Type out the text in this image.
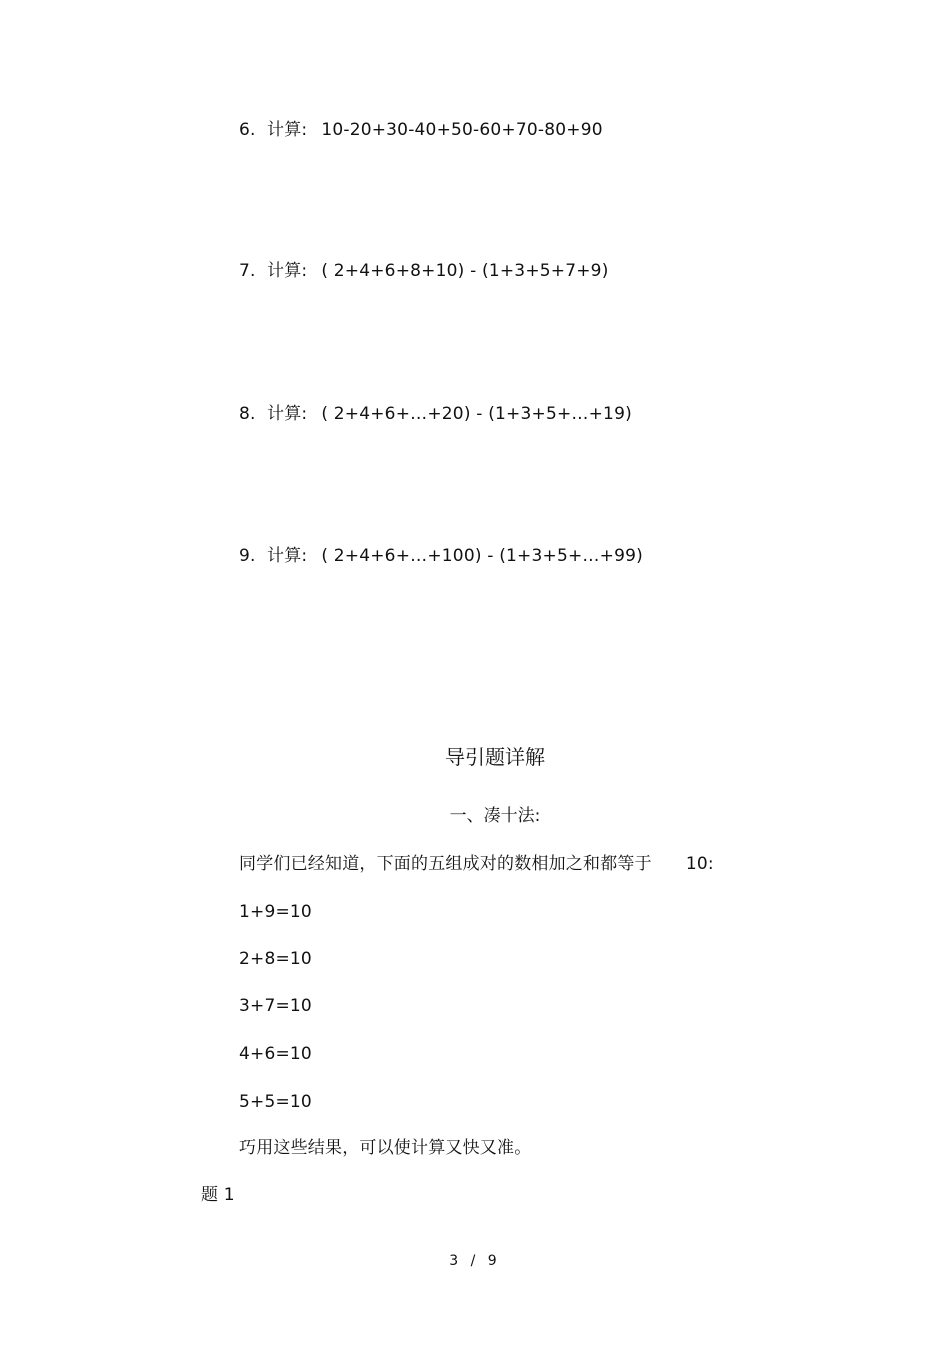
6. 计算: 10-20+30-40+50-60+70-80+90
7. 计算: ( 2+4+6+8+10) - (1+3+5+7+9)
8. 计算: ( 2+4+6+…+20) - (1+3+5+…+19)
9. 计算: ( 2+4+6+…+100) - (1+3+5+…+99)
导引题详解
一、凑十法:
同学们已经知道，下面的五组成对的数相加之和都等于 10:
1+9=10
2+8=10
3+7=10
4+6=10
5+5=10
巧用这些结果，可以使计算又快又准。
题 1
3 / 9
